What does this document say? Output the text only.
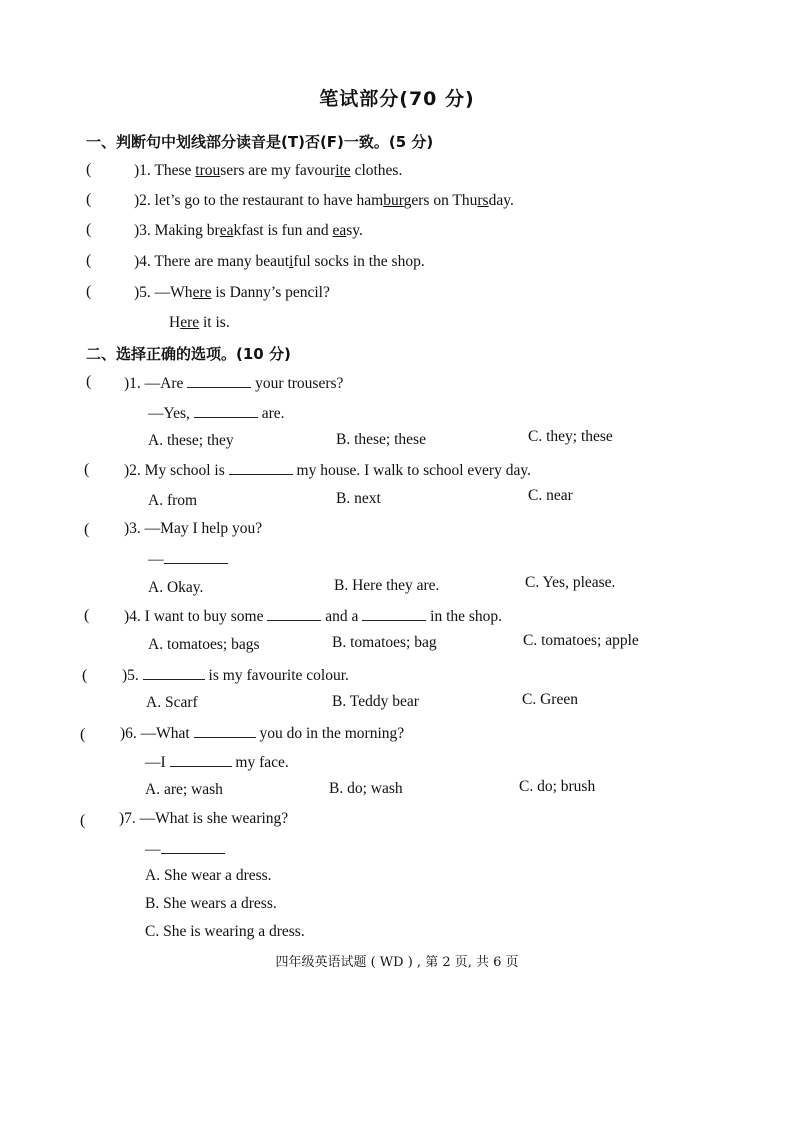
笔试部分(70 分)
一、判断句中划线部分读音是(T)否(F)一致。(5 分)
(	)1. These trousers are my favourite clothes.
(	)2. let’s go to the restaurant to have hamburgers on Thursday.
(	)3. Making breakfast is fun and easy.
(	)4. There are many beautiful socks in the shop.
(	)5. —Where is Danny’s pencil?
Here it is.
二、选择正确的选项。(10 分)
( )1. —Are	your trousers?
—Yes,	are.
A. these; they	B. these; these	C. they; these
( )2. My school is	my house. I walk to school every day.
A. from	B. next	C. near
( )3. —May I help you?
—
A. Okay.	B. Here they are.	C. Yes, please.
( )4. I want to buy some	and a	in the shop.
A. tomatoes; bags	B. tomatoes; bag	C. tomatoes; apple
( )5.	is my favourite colour.
A. Scarf	B. Teddy bear	C. Green
( )6. —What	you do in the morning?
—I	my face.
A. are; wash	B. do; wash	C. do; brush
( )7. —What is she wearing?
—
A. She wear a dress.
B. She wears a dress.
C. She is wearing a dress.
四年级英语试题 ( WD ) , 第 2 页, 共 6 页
